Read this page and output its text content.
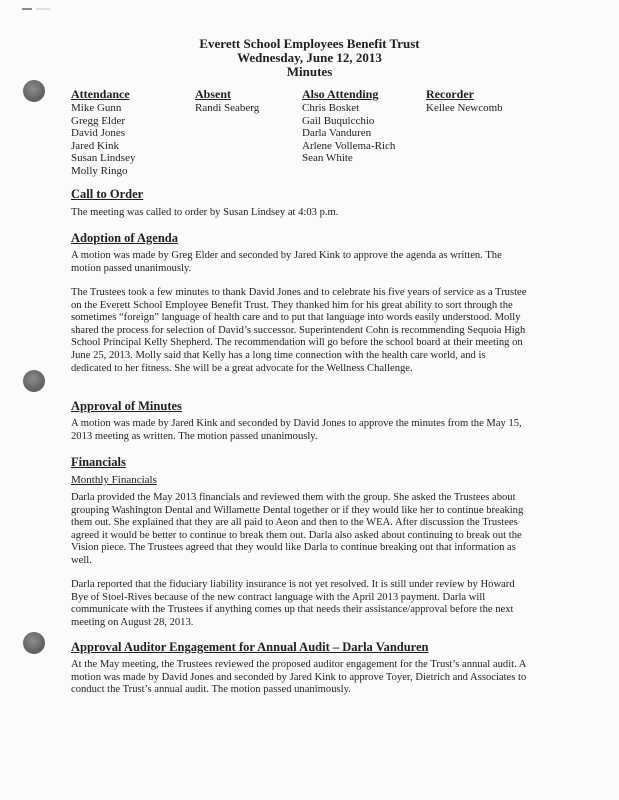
Everett School Employees Benefit Trust
Wednesday, June 12, 2013
Minutes
Attendance
Mike Gunn
Gregg Elder
David Jones
Jared Kink
Susan Lindsey
Molly Ringo
Absent
Randi Seaberg
Also Attending
Chris Bosket
Gail Buquicchio
Darla Vanduren
Arlene Vollema-Rich
Sean White
Recorder
Kellee Newcomb
Call to Order
The meeting was called to order by Susan Lindsey at 4:03 p.m.
Adoption of Agenda
A motion was made by Greg Elder and seconded by Jared Kink to approve the agenda as written. The motion passed unanimously.
The Trustees took a few minutes to thank David Jones and to celebrate his five years of service as a Trustee on the Everett School Employee Benefit Trust. They thanked him for his great ability to sort through the sometimes “foreign” language of health care and to put that language into words easily understood. Molly shared the process for selection of David’s successor. Superintendent Cohn is recommending Sequoia High School Principal Kelly Shepherd. The recommendation will go before the school board at their meeting on June 25, 2013. Molly said that Kelly has a long time connection with the health care world, and is dedicated to her fitness. She will be a great advocate for the Wellness Challenge.
Approval of Minutes
A motion was made by Jared Kink and seconded by David Jones to approve the minutes from the May 15, 2013 meeting as written. The motion passed unanimously.
Financials
Monthly Financials
Darla provided the May 2013 financials and reviewed them with the group. She asked the Trustees about grouping Washington Dental and Willamette Dental together or if they would like her to continue breaking them out. She explained that they are all paid to Aeon and then to the WEA. After discussion the Trustees agreed it would be better to continue to break them out. Darla also asked about continuing to break out the Vision piece. The Trustees agreed that they would like Darla to continue breaking out that information as well.
Darla reported that the fiduciary liability insurance is not yet resolved. It is still under review by Howard Bye of Stoel-Rives because of the new contract language with the April 2013 payment. Darla will communicate with the Trustees if anything comes up that needs their assistance/approval before the next meeting on August 28, 2013.
Approval Auditor Engagement for Annual Audit – Darla Vanduren
At the May meeting, the Trustees reviewed the proposed auditor engagement for the Trust’s annual audit. A motion was made by David Jones and seconded by Jared Kink to approve Toyer, Dietrich and Associates to conduct the Trust’s annual audit. The motion passed unanimously.
